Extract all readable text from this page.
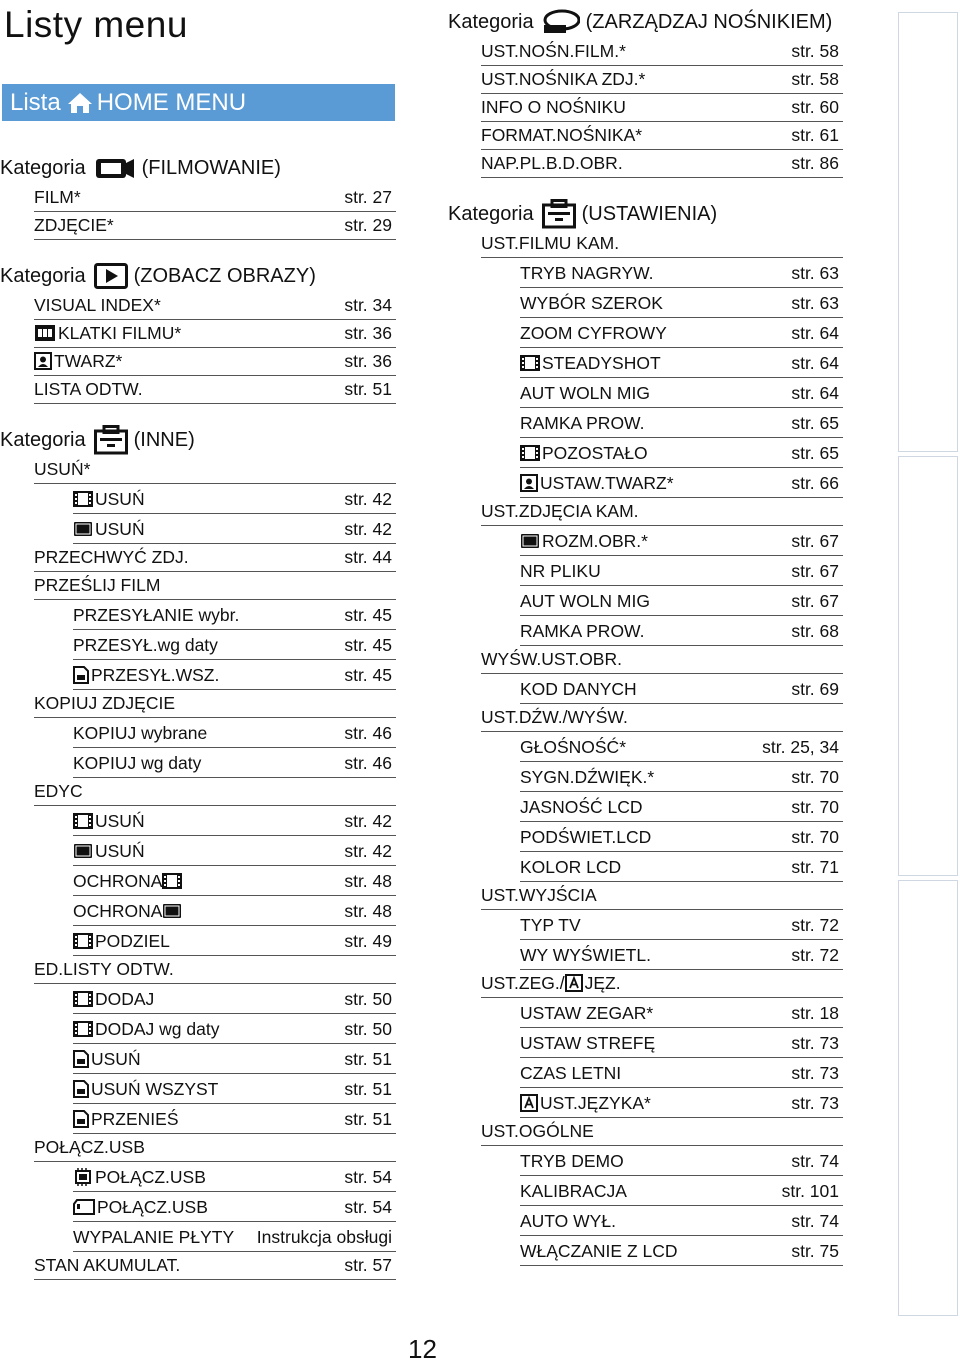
Listy menu
Lista HOME MENU
Kategoria	(FILMOWANIE)
FILM*	str. 27
ZDJĘCIE*	str. 29
Kategoria (ZOBACZ OBRAZY)
VISUAL INDEX*	str. 34
KLATKI FILMU*	str. 36
TWARZ*	str. 36
LISTA ODTW.	str. 51
Kategoria (INNE)
USUŃ*
USUŃ	str. 42
USUŃ	str. 42
PRZECHWYĆ ZDJ.	str. 44
PRZEŚLIJ FILM
PRZESYŁANIE wybr.	str. 45
PRZESYŁ.wg daty	str. 45
PRZESYŁ.WSZ.	str. 45
KOPIUJ ZDJĘCIE
KOPIUJ wybrane	str. 46
KOPIUJ wg daty	str. 46
EDYC
USUŃ	str. 42
USUŃ	str. 42
OCHRONA	str. 48
OCHRONA	str. 48
PODZIEL	str. 49
ED.LISTY ODTW.
DODAJ	str. 50
DODAJ wg daty	str. 50
USUŃ	str. 51
USUŃ WSZYST	str. 51
PRZENIEŚ	str. 51
POŁĄCZ.USB
POŁĄCZ.USB	str. 54
POŁĄCZ.USB	str. 54
WYPALANIE PŁYTY Instrukcja obsługi
STAN AKUMULAT.	str. 57
Kategoria	(ZARZĄDZAJ NOŚNIKIEM)
UST.NOŚN.FILM.*	str. 58
UST.NOŚNIKA ZDJ.*	str. 58
INFO O NOŚNIKU	str. 60
FORMAT.NOŚNIKA*	str. 61
NAP.PL.B.D.OBR.	str. 86
Kategoria (USTAWIENIA)
UST.FILMU KAM.
TRYB NAGRYW.	str. 63
WYBÓR SZEROK	str. 63
ZOOM CYFROWY	str. 64
STEADYSHOT	str. 64
AUT WOLN MIG	str. 64
RAMKA PROW.	str. 65
POZOSTAŁO	str. 65
USTAW.TWARZ*	str. 66
UST.ZDJĘCIA KAM.
ROZM.OBR.*	str. 67
NR PLIKU	str. 67
AUT WOLN MIG	str. 67
RAMKA PROW.	str. 68
WYŚW.UST.OBR.
KOD DANYCH	str. 69
UST.DŹW./WYŚW.
GŁOŚNOŚĆ*	str. 25, 34
SYGN.DŹWIĘK.*	str. 70
JASNOŚĆ LCD	str. 70
PODŚWIET.LCD	str. 70
KOLOR LCD	str. 71
UST.WYJŚCIA
TYP TV	str. 72
WY WYŚWIETL.	str. 72
UST.ZEG./ JĘZ.
USTAW ZEGAR*	str. 18
USTAW STREFĘ	str. 73
CZAS LETNI	str. 73
UST.JĘZYKA*	str. 73
UST.OGÓLNE
TRYB DEMO	str. 74
KALIBRACJA	str. 101
AUTO WYŁ.	str. 74
WŁĄCZANIE Z LCD	str. 75
12
